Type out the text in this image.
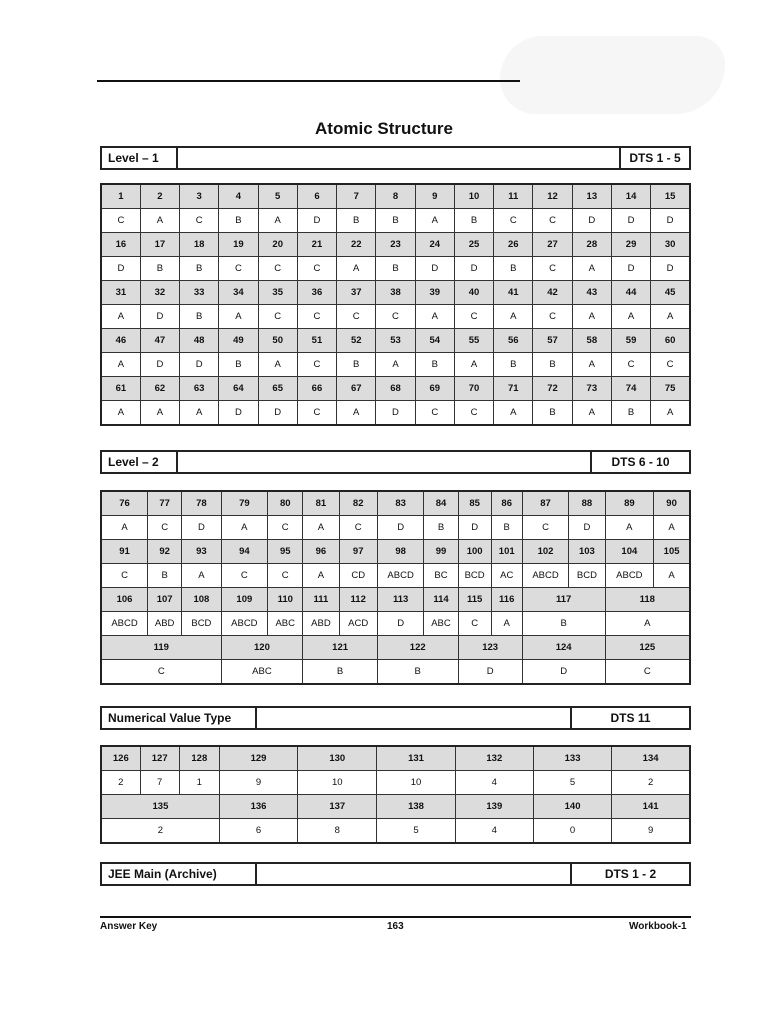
Atomic Structure
Level – 1	DTS 1 - 5
1	2	3	4	5	6	7	8	9	10	11	12	13	14	15
C	A	C	B	A	D	B	B	A	B	C	C	D	D	D
16	17	18	19	20	21	22	23	24	25	26	27	28	29	30
D	B	B	C	C	C	A	B	D	D	B	C	A	D	D
31	32	33	34	35	36	37	38	39	40	41	42	43	44	45
A	D	B	A	C	C	C	C	A	C	A	C	A	A	A
46	47	48	49	50	51	52	53	54	55	56	57	58	59	60
A	D	D	B	A	C	B	A	B	A	B	B	A	C	C
61	62	63	64	65	66	67	68	69	70	71	72	73	74	75
A	A	A	D	D	C	A	D	C	C	A	B	A	B	A
Level – 2	DTS 6 - 10
76	77	78	79	80	81	82	83	84	85	86	87	88	89	90
A	C	D	A	C	A	C	D	B	D	B	C	D	A	A
91	92	93	94	95	96	97	98	99	100	101	102	103	104	105
C	B	A	C	C	A	CD	ABCD	BC	BCD	AC	ABCD	BCD	ABCD	A
106	107	108	109	110	111	112	113	114	115	116	117		118	
ABCD	ABD	BCD	ABCD	ABC	ABD	ACD	D	ABC	C	A	B		A	
119			120		121		122		123		124		125	
C			ABC		B		B		D		D		C	
Numerical Value Type	DTS 11
126	127	128	129	130	131	132	133	134
2	7	1	9	10	10	4	5	2
135			136	137	138	139	140	141
2			6	8	5	4	0	9
JEE Main (Archive)	DTS 1 - 2
Answer Key	163	Workbook-1
